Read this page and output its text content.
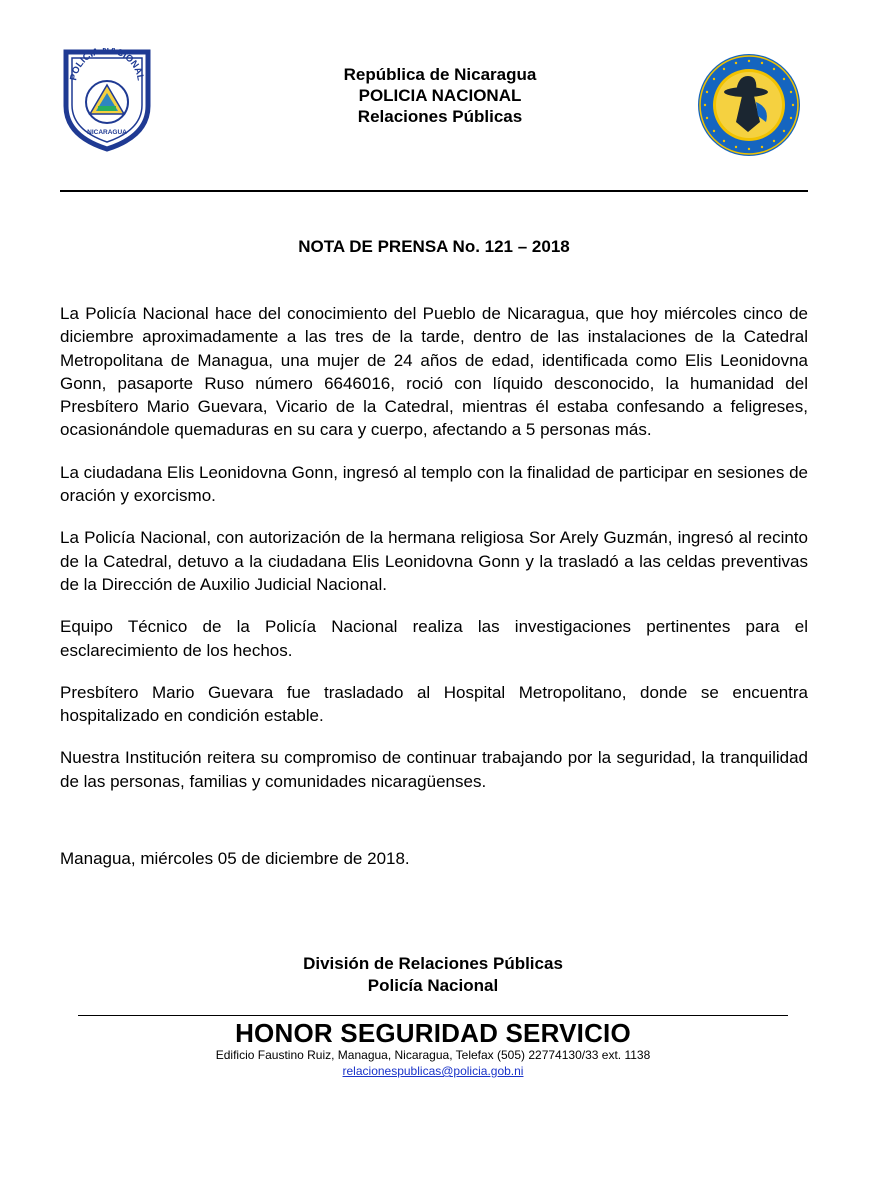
POLICIA NACIONAL
NICARAGUA
República de Nicaragua
POLICIA NACIONAL
Relaciones Públicas
NOTA DE PRENSA No. 121 – 2018

La Policía Nacional hace del conocimiento del Pueblo de Nicaragua, que hoy miércoles cinco de diciembre aproximadamente a las tres de la tarde, dentro de las instalaciones de la Catedral Metropolitana de Managua, una mujer de 24 años de edad, identificada como Elis Leonidovna Gonn, pasaporte Ruso número 6646016, roció con líquido desconocido, la humanidad del Presbítero Mario Guevara, Vicario de la Catedral, mientras él estaba confesando a feligreses, ocasionándole quemaduras en su cara y cuerpo, afectando a 5 personas más.

La ciudadana Elis Leonidovna Gonn, ingresó al templo con la finalidad de participar en sesiones de oración y exorcismo.

La Policía Nacional, con autorización de la hermana religiosa Sor Arely Guzmán, ingresó al recinto de la Catedral, detuvo a la ciudadana Elis Leonidovna Gonn y la trasladó a las celdas preventivas de la Dirección de Auxilio Judicial Nacional.

Equipo Técnico de la Policía Nacional realiza las investigaciones pertinentes para el esclarecimiento de los hechos.

Presbítero Mario Guevara fue trasladado al Hospital Metropolitano, donde se encuentra hospitalizado en condición estable.

Nuestra Institución reitera su compromiso de continuar trabajando por la seguridad, la tranquilidad de las personas, familias y comunidades nicaragüenses.

Managua, miércoles 05 de diciembre de 2018.
División de Relaciones Públicas
Policía Nacional
HONOR SEGURIDAD SERVICIO
Edificio Faustino Ruiz, Managua, Nicaragua, Telefax (505) 22774130/33 ext. 1138
relacionespublicas@policia.gob.ni
